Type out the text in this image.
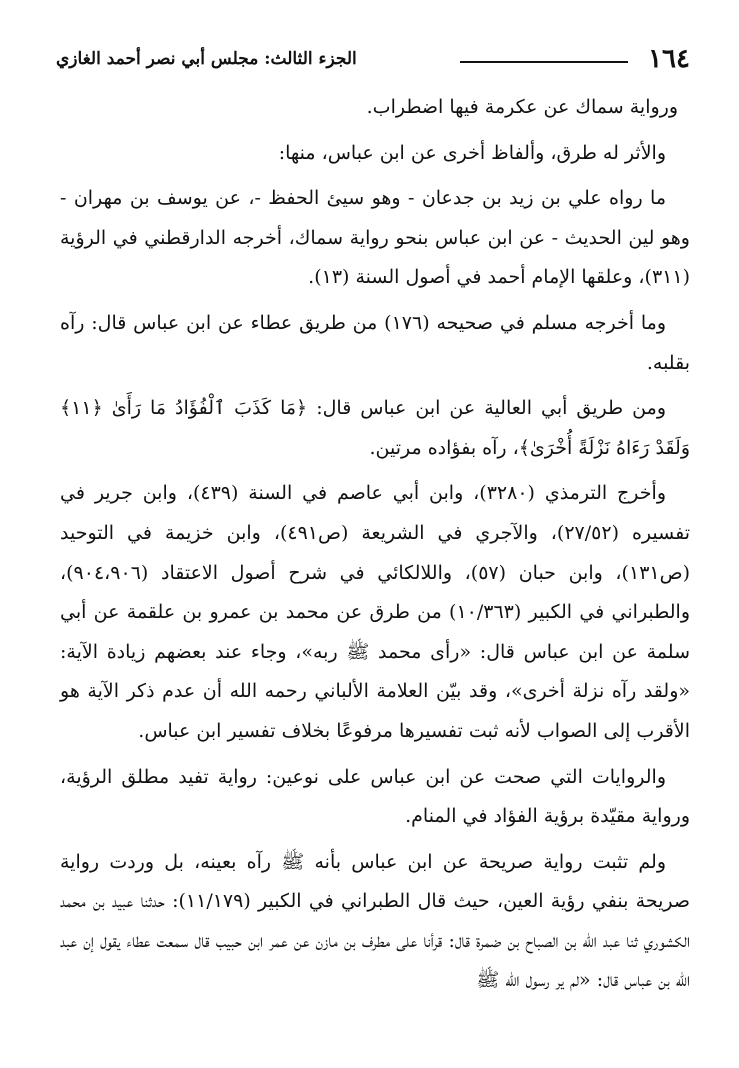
١٦٤
الجزء الثالث: مجلس أبي نصر أحمد الغازي

ورواية سماك عن عكرمة فيها اضطراب.

والأثر له طرق، وألفاظ أخرى عن ابن عباس، منها:

ما رواه علي بن زيد بن جدعان - وهو سيئ الحفظ -، عن يوسف بن مهران - وهو لين الحديث - عن ابن عباس بنحو رواية سماك، أخرجه الدارقطني في الرؤية (٣١١)، وعلقها الإمام أحمد في أصول السنة (١٣).

وما أخرجه مسلم في صحيحه (١٧٦) من طريق عطاء عن ابن عباس قال: رآه بقلبه.

ومن طريق أبي العالية عن ابن عباس قال: ﴿مَا كَذَبَ ٱلْفُؤَادُ مَا رَأَىٰ ﴿١١﴾ وَلَقَدْ رَءَاهُ نَزْلَةً أُخْرَىٰ﴾، رآه بفؤاده مرتين.

وأخرج الترمذي (٣٢٨٠)، وابن أبي عاصم في السنة (٤٣٩)، وابن جرير في تفسيره (٢٧/٥٢)، والآجري في الشريعة (ص٤٩١)، وابن خزيمة في التوحيد (ص١٣١)، وابن حبان (٥٧)، واللالكائي في شرح أصول الاعتقاد (٩٠٤،٩٠٦)، والطبراني في الكبير (١٠/٣٦٣) من طرق عن محمد بن عمرو بن علقمة عن أبي سلمة عن ابن عباس قال: «رأى محمد ﷺ ربه»، وجاء عند بعضهم زيادة الآية: «ولقد رآه نزلة أخرى»، وقد بيّن العلامة الألباني رحمه الله أن عدم ذكر الآية هو الأقرب إلى الصواب لأنه ثبت تفسيرها مرفوعًا بخلاف تفسير ابن عباس.

والروايات التي صحت عن ابن عباس على نوعين: رواية تفيد مطلق الرؤية، ورواية مقيّدة برؤية الفؤاد في المنام.

ولم تثبت رواية صريحة عن ابن عباس بأنه ﷺ رآه بعينه، بل وردت رواية صريحة بنفي رؤية العين، حيث قال الطبراني في الكبير (١١/١٧٩): حدثنا عبيد بن محمد الكشوري ثنا عبد الله بن الصباح بن ضمرة قال: قرأنا على مطرف بن مازن عن عمر ابن حبيب قال سمعت عطاء يقول إن عبد الله بن عباس قال: «لم ير رسول الله ﷺ
